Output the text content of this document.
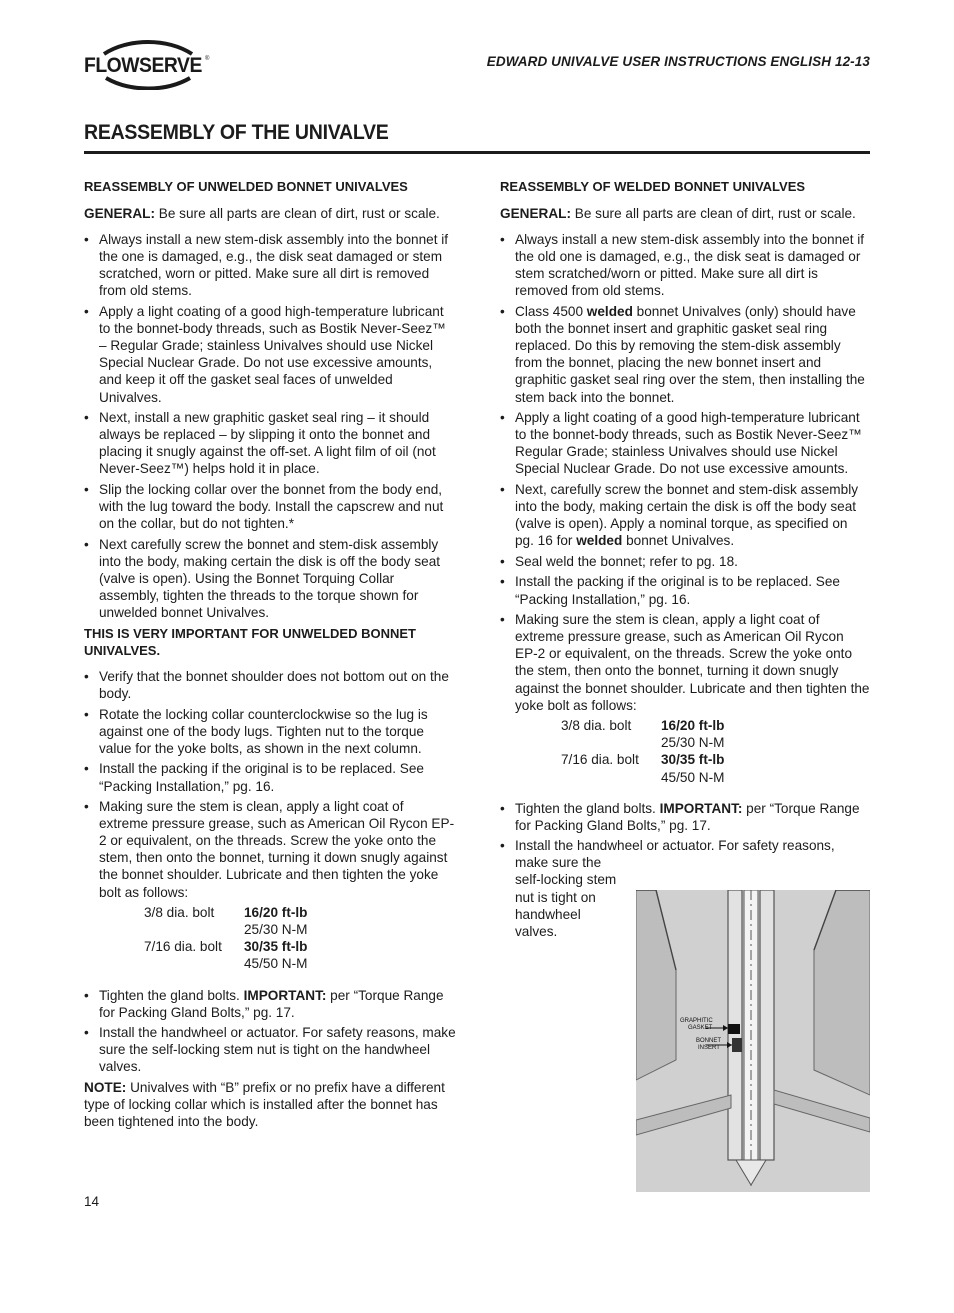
FLOWSERVE ®	EDWARD UNIVALVE USER INSTRUCTIONS ENGLISH 12-13
REASSEMBLY OF THE UNIVALVE
REASSEMBLY OF UNWELDED BONNET UNIVALVES
GENERAL: Be sure all parts are clean of dirt, rust or scale.
• Always install a new stem-disk assembly into the bonnet if the one is damaged, e.g., the disk seat damaged or stem scratched, worn or pitted. Make sure all dirt is removed from old stems.
• Apply a light coating of a good high-temperature lubricant to the bonnet-body threads, such as Bostik Never-Seez™ – Regular Grade; stainless Univalves should use Nickel Special Nuclear Grade. Do not use excessive amounts, and keep it off the gasket seal faces of unwelded Univalves.
• Next, install a new graphitic gasket seal ring – it should always be replaced – by slipping it onto the bonnet and placing it snugly against the off-set. A light film of oil (not Never-Seez™) helps hold it in place.
• Slip the locking collar over the bonnet from the body end, with the lug toward the body. Install the capscrew and nut on the collar, but do not tighten.*
• Next carefully screw the bonnet and stem-disk assembly into the body, making certain the disk is off the body seat (valve is open). Using the Bonnet Torquing Collar assembly, tighten the threads to the torque shown for unwelded bonnet Univalves.
THIS IS VERY IMPORTANT FOR UNWELDED BONNET UNIVALVES.
• Verify that the bonnet shoulder does not bottom out on the body.
• Rotate the locking collar counterclockwise so the lug is against one of the body lugs. Tighten nut to the torque value for the yoke bolts, as shown in the next column.
• Install the packing if the original is to be replaced. See “Packing Installation,” pg. 16.
• Making sure the stem is clean, apply a light coat of extreme pressure grease, such as American Oil Rycon EP-2 or equivalent, on the threads. Screw the yoke onto the stem, then onto the bonnet, turning it down snugly against the bonnet shoulder. Lubricate and then tighten the yoke bolt as follows:
3/8 dia. bolt	16/20 ft-lb
25/30 N-M
7/16 dia. bolt	30/35 ft-lb
45/50 N-M
• Tighten the gland bolts. IMPORTANT: per “Torque Range for Packing Gland Bolts,” pg. 17.
• Install the handwheel or actuator. For safety reasons, make sure the self-locking stem nut is tight on the handwheel valves.
NOTE: Univalves with “B” prefix or no prefix have a different type of locking collar which is installed after the bonnet has been tightened into the body.
REASSEMBLY OF WELDED BONNET UNIVALVES
GENERAL: Be sure all parts are clean of dirt, rust or scale.
• Always install a new stem-disk assembly into the bonnet if the old one is damaged, e.g., the disk seat is damaged or stem scratched/worn or pitted. Make sure all dirt is removed from old stems.
• Class 4500 welded bonnet Univalves (only) should have both the bonnet insert and graphitic gasket seal ring replaced. Do this by removing the stem-disk assembly from the bonnet, placing the new bonnet insert and graphitic gasket seal ring over the stem, then installing the stem back into the bonnet.
• Apply a light coating of a good high-temperature lubricant to the bonnet-body threads, such as Bostik Never-Seez™ Regular Grade; stainless Univalves should use Nickel Special Nuclear Grade. Do not use excessive amounts.
• Next, carefully screw the bonnet and stem-disk assembly into the body, making certain the disk is off the body seat (valve is open). Apply a nominal torque, as specified on pg. 16 for welded bonnet Univalves.
• Seal weld the bonnet; refer to pg. 18.
• Install the packing if the original is to be replaced. See “Packing Installation,” pg. 16.
• Making sure the stem is clean, apply a light coat of extreme pressure grease, such as American Oil Rycon EP-2 or equivalent, on the threads. Screw the yoke onto the stem, then onto the bonnet, turning it down snugly against the bonnet shoulder. Lubricate and then tighten the yoke bolt as follows:
3/8 dia. bolt	16/20 ft-lb
25/30 N-M
7/16 dia. bolt	30/35 ft-lb
45/50 N-M
• Tighten the gland bolts. IMPORTANT: per “Torque Range for Packing Gland Bolts,” pg. 17.
• Install the handwheel or actuator. For safety reasons,
make sure the self-locking stem nut is tight on handwheel valves.
GRAPHITIC
GASKET
BONNET
INSERT
14
